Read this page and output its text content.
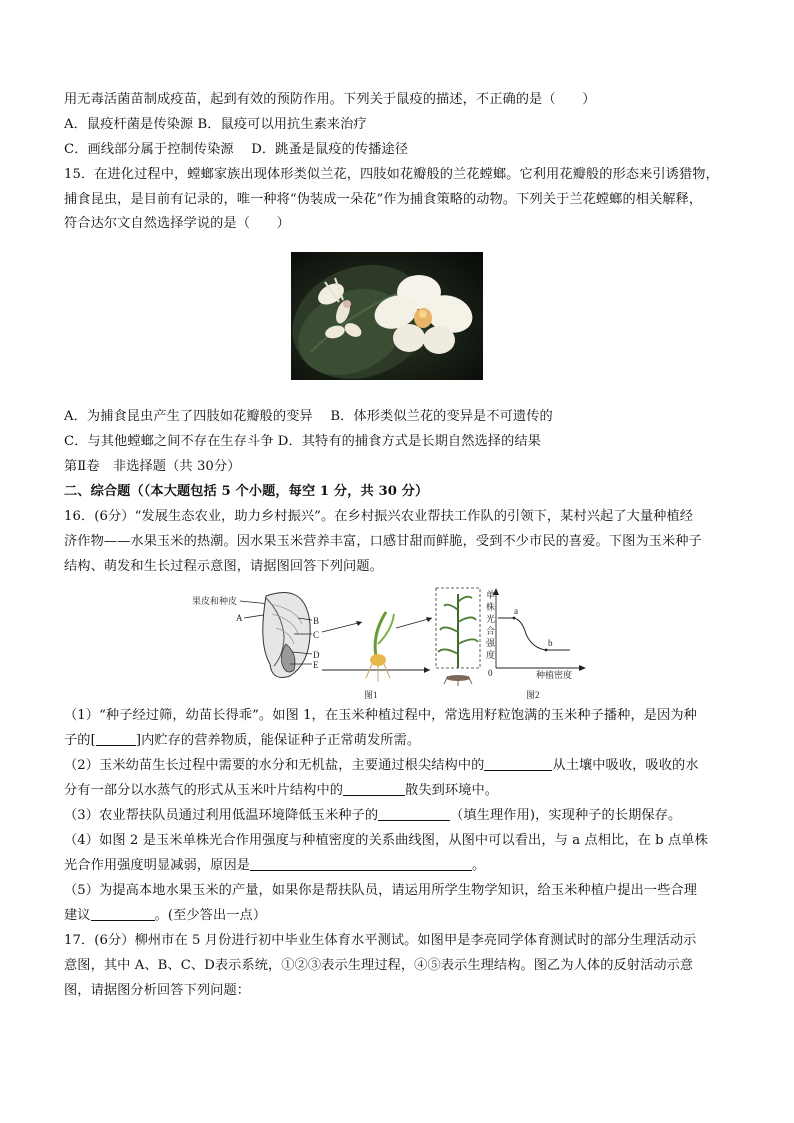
用无毒活菌苗制成疫苗，起到有效的预防作用。下列关于鼠疫的描述，不正确的是（　　）
A．鼠疫杆菌是传染源 B．鼠疫可以用抗生素来治疗
C．画线部分属于控制传染源　 D．跳蚤是鼠疫的传播途径
15．在进化过程中，螳螂家族出现体形类似兰花，四肢如花瓣般的兰花螳螂。它利用花瓣般的形态来引诱猎物，
捕食昆虫，是目前有记录的，唯一种将“伪装成一朵花”作为捕食策略的动物。下列关于兰花螳螂的相关解释，
符合达尔文自然选择学说的是（　　）
A．为捕食昆虫产生了四肢如花瓣般的变异　 B．体形类似兰花的变异是不可遗传的
C．与其他螳螂之间不存在生存斗争 D．其特有的捕食方式是长期自然选择的结果
第Ⅱ卷　非选择题（共 30分）
二、综合题（（本大题包括 5 个小题，每空 1 分，共 30 分）
16．(6分）“发展生态农业，助力乡村振兴”。在乡村振兴农业帮扶工作队的引领下，某村兴起了大量种植经
济作物——水果玉米的热潮。因水果玉米营养丰富，口感甘甜而鲜脆，受到不少市民的喜爱。下图为玉米种子
结构、萌发和生长过程示意图，请据图回答下列问题。
果皮和种皮
A	B
C
D
E
a
b
单
株
光
合
强
度
0	种植密度
图1	图2
（1）“种子经过筛，幼苗长得乖”。如图 1，在玉米种植过程中，常选用籽粒饱满的玉米种子播种，是因为种
子的[	]内贮存的营养物质，能保证种子正常萌发所需。
（2）玉米幼苗生长过程中需要的水分和无机盐，主要通过根尖结构中的	从土壤中吸收，吸收的水
分有一部分以水蒸气的形式从玉米叶片结构中的	散失到环境中。
（3）农业帮扶队员通过利用低温环境降低玉米种子的	（填生理作用)，实现种子的长期保存。
（4）如图 2 是玉米单株光合作用强度与种植密度的关系曲线图，从图中可以看出，与 a 点相比，在 b 点单株
光合作用强度明显减弱，原因是	。
（5）为提高本地水果玉米的产量，如果你是帮扶队员，请运用所学生物学知识，给玉米种植户提出一些合理
建议	。(至少答出一点）
17．(6分）柳州市在 5 月份进行初中毕业生体育水平测试。如图甲是李亮同学体育测试时的部分生理活动示
意图，其中 A、B、C、D表示系统，①②③表示生理过程，④⑤表示生理结构。图乙为人体的反射活动示意
图，请据图分析回答下列问题：
